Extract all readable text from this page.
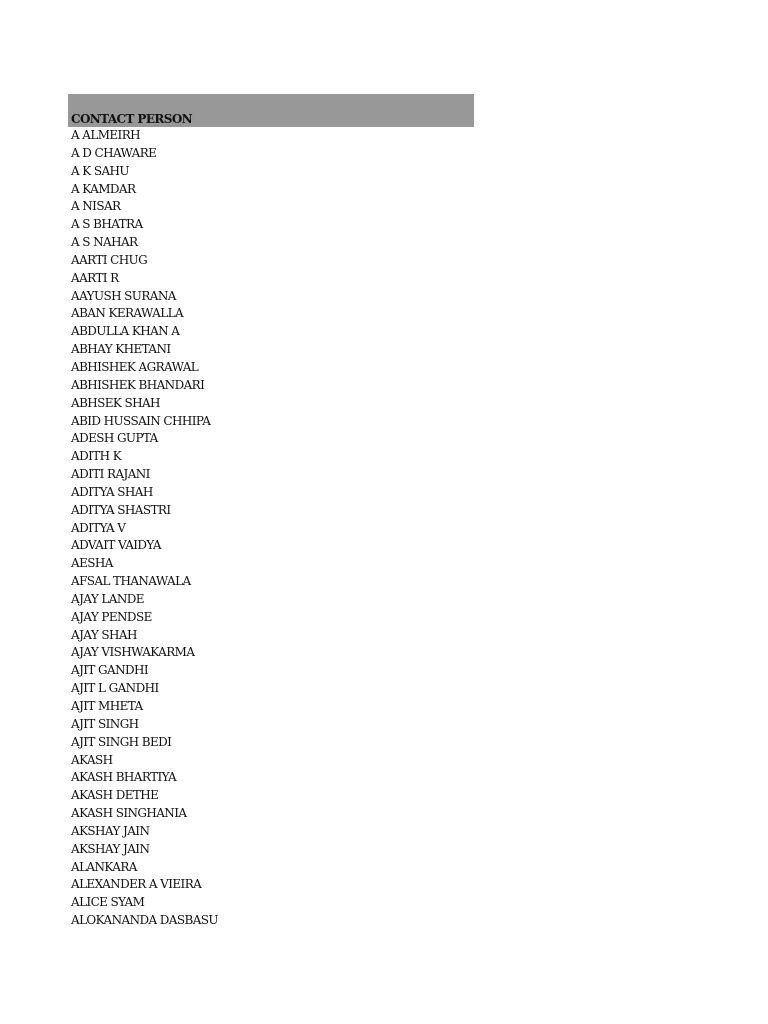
CONTACT PERSON
A ALMEIRH
A D CHAWARE
A K SAHU
A KAMDAR
A NISAR
A S BHATRA
A S NAHAR
AARTI CHUG
AARTI R
AAYUSH SURANA
ABAN KERAWALLA
ABDULLA KHAN A
ABHAY KHETANI
ABHISHEK AGRAWAL
ABHISHEK BHANDARI
ABHSEK SHAH
ABID HUSSAIN CHHIPA
ADESH GUPTA
ADITH K
ADITI RAJANI
ADITYA SHAH
ADITYA SHASTRI
ADITYA V
ADVAIT VAIDYA
AESHA
AFSAL THANAWALA
AJAY LANDE
AJAY PENDSE
AJAY SHAH
AJAY VISHWAKARMA
AJIT GANDHI
AJIT L GANDHI
AJIT MHETA
AJIT SINGH
AJIT SINGH BEDI
AKASH
AKASH BHARTIYA
AKASH DETHE
AKASH SINGHANIA
AKSHAY JAIN
AKSHAY JAIN
ALANKARA
ALEXANDER A VIEIRA
ALICE SYAM
ALOKANANDA DASBASU
